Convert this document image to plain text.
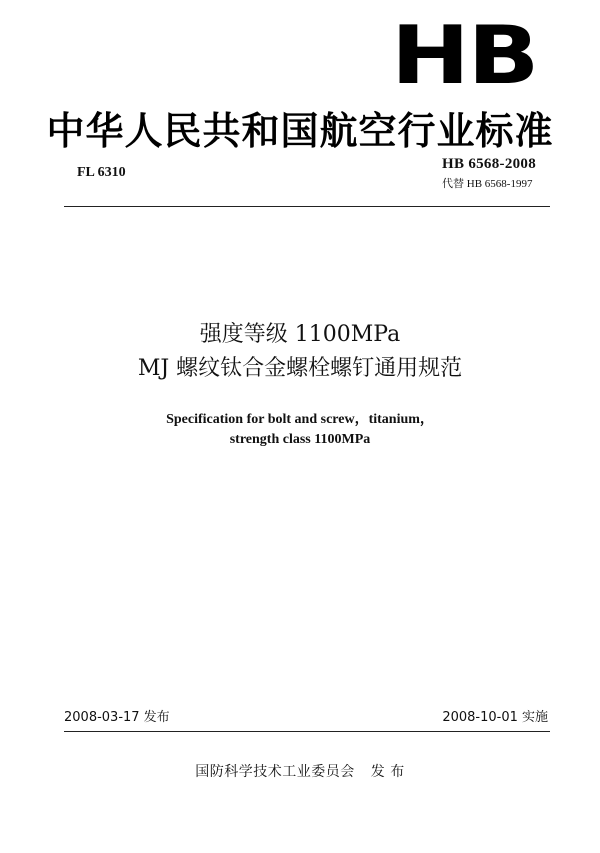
HB
中华人民共和国航空行业标准
FL 6310
HB 6568-2008
代替 HB 6568-1997
强度等级 1100MPa
MJ 螺纹钛合金螺栓螺钉通用规范
Specification for bolt and screw，titanium，
strength class 1100MPa
2008-03-17 发布	2008-10-01 实施
国防科学技术工业委员会 发 布
